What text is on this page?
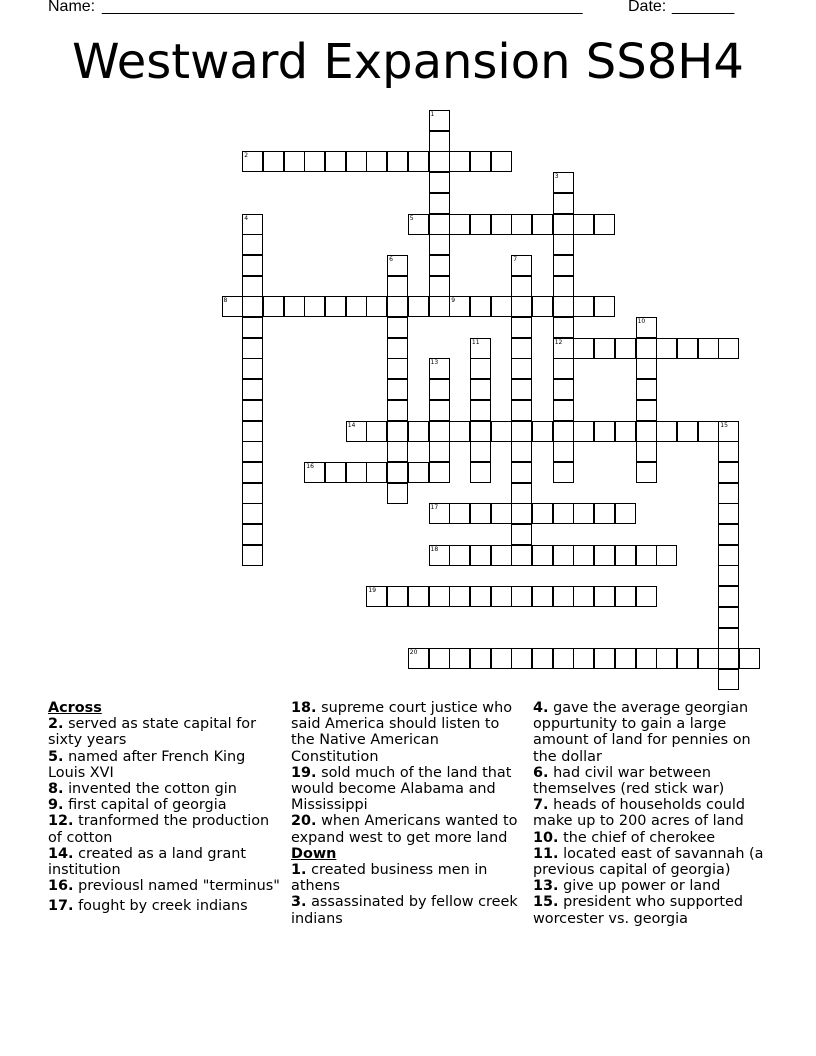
Name: ______________________________________________________	Date: _______
Westward Expansion SS8H4
1
2
3
12
4	5
6	7
8	9
10
11
13
14	15
16
17
18
19
20
Across
2. served as state capital for sixty years
5. named after French King Louis XVI
8. invented the cotton gin
9. first capital of georgia
12. tranformed the production of cotton
14. created as a land grant institution
16. previousl named "terminus"
17. fought by creek indians
18. supreme court justice who said America should listen to the Native American Constitution
19. sold much of the land that would become Alabama and Mississippi
20. when Americans wanted to expand west to get more land
Down
1. created business men in athens
3. assassinated by fellow creek indians
4. gave the average georgian oppurtunity to gain a large amount of land for pennies on the dollar
6. had civil war between themselves (red stick war)
7. heads of households could make up to 200 acres of land
10. the chief of cherokee
11. located east of savannah (a previous capital of georgia)
13. give up power or land
15. president who supported worcester vs. georgia
